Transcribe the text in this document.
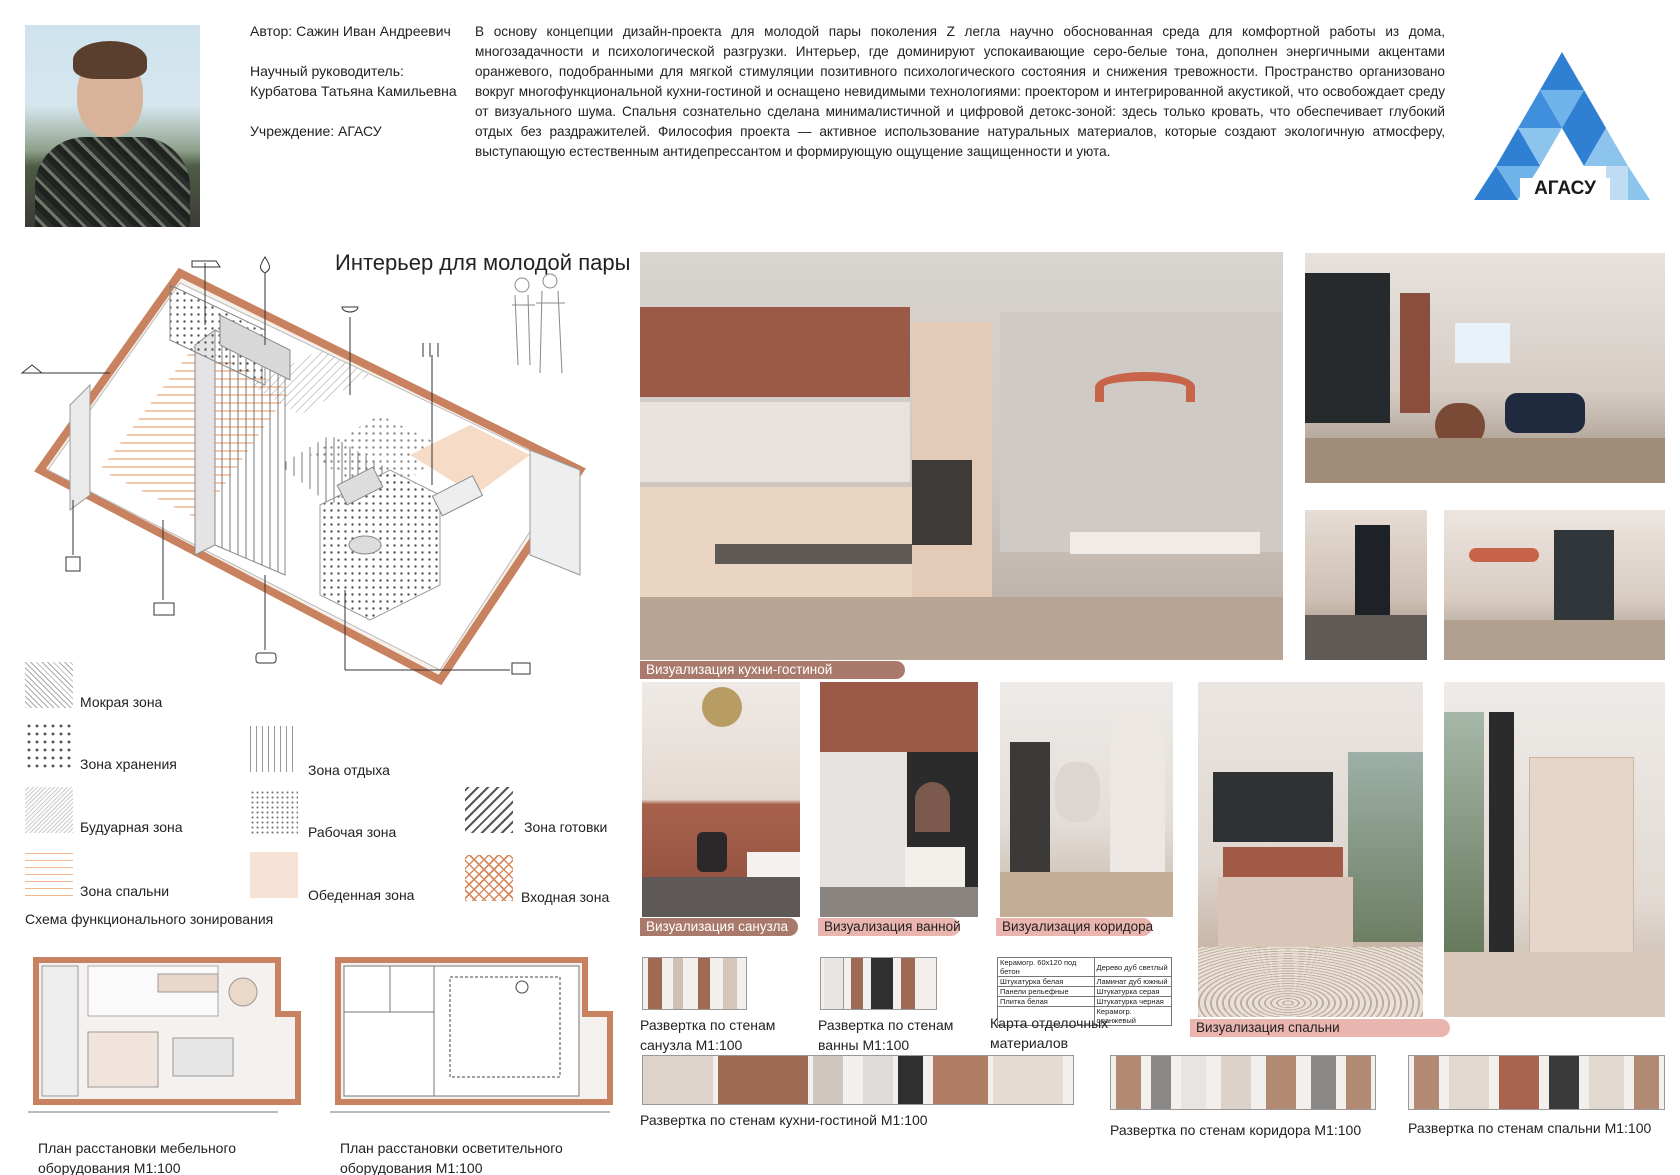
Автор: Сажин Иван Андреевич
Научный руководитель:
Курбатова Татьяна Камильевна
Учреждение: АГАСУ
В основу концепции дизайн-проекта для молодой пары поколения Z легла научно обоснованная среда для комфортной работы из дома, многозадачности и психологической разгрузки. Интерьер, где доминируют успокаивающие серо-белые тона, дополнен энергичными акцентами оранжевого, подобранными для мягкой стимуляции позитивного психологического состояния и снижения тревожности. Пространство организовано вокруг многофункциональной кухни-гостиной и оснащено невидимыми технологиями: проектором и интегрированной акустикой, что освобождает среду от визуального шума. Спальня сознательно сделана минималистичной и цифровой детокс-зоной: здесь только кровать, что обеспечивает глубокий отдых без раздражителей. Философия проекта — активное использование натуральных материалов, которые создают экологичную атмосферу, выступающую естественным антидепрессантом и формирующую ощущение защищенности и уюта.
АГАСУ
Интерьер для молодой пары
Мокрая зона
Зона хранения
Будуарная зона
Зона спальни
Зона отдыха
Рабочая зона
Обеденная зона
Зона готовки
Входная зона
Схема функционального зонирования
План расстановки мебельного оборудования М1:100
План расстановки осветительного оборудования М1:100
Визуализация кухни-гостиной
Визуализация санузла	Визуализация ванной	Визуализация коридора
Визуализация спальни
Развертка по стенам санузла М1:100
Развертка по стенам ванны М1:100
Керамогр. 60x120 под бетон	Дерево дуб светлый
Штукатурка белая	Ламинат дуб южный
Панели рельефные	Штукатурка серая
Плитка белая	Штукатурка черная
	Керамогр. оранжевый
Карта отделочных материалов
Развертка по стенам кухни-гостиной М1:100
Развертка по стенам коридора М1:100	Развертка по стенам спальни М1:100
